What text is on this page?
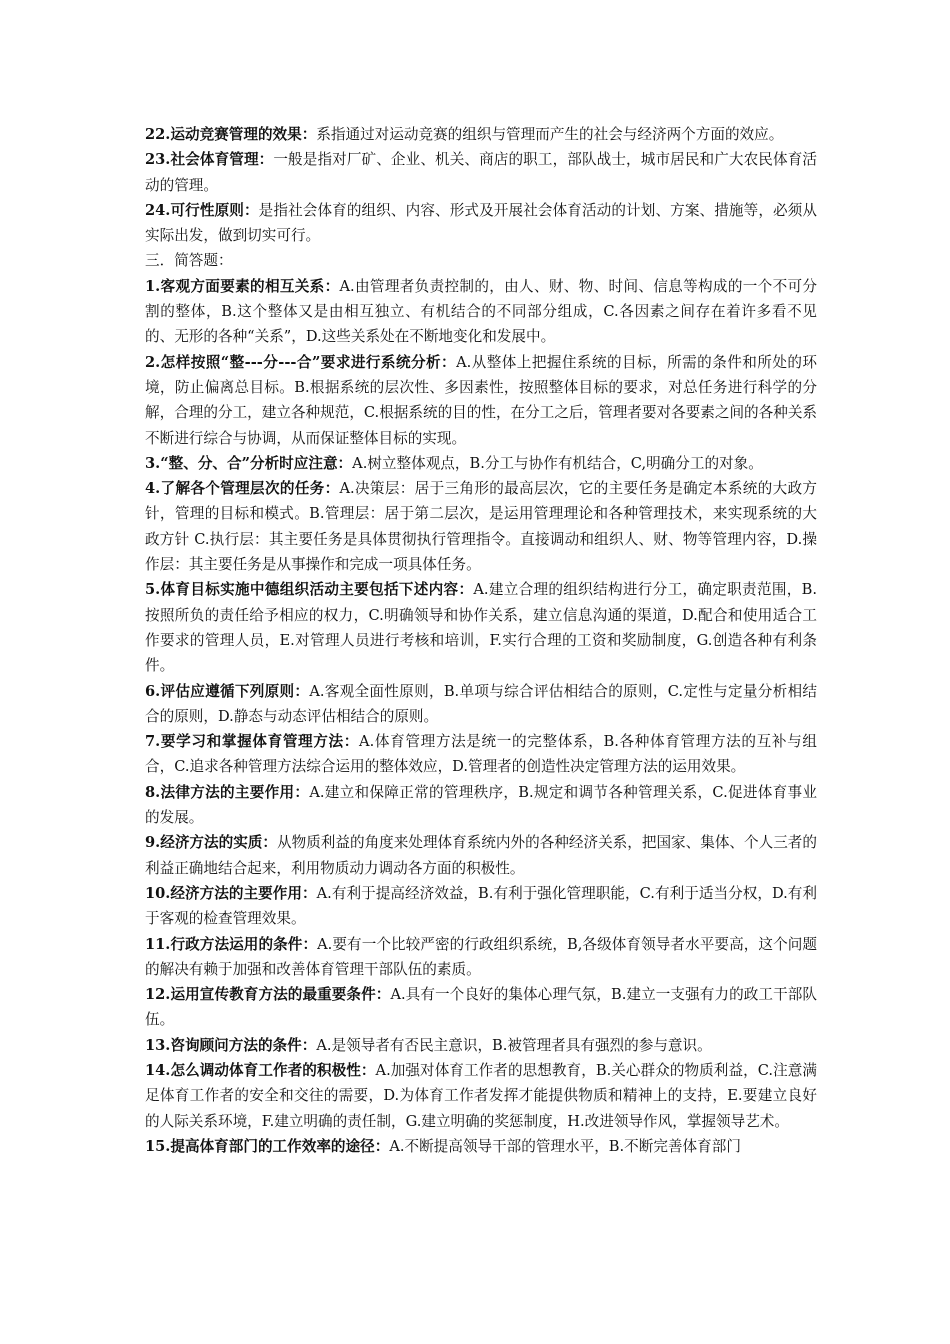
22.运动竞赛管理的效果：系指通过对运动竞赛的组织与管理而产生的社会与经济两个方面的效应。

23.社会体育管理：一般是指对厂矿、企业、机关、商店的职工，部队战士，城市居民和广大农民体育活动的管理。

24.可行性原则：是指社会体育的组织、内容、形式及开展社会体育活动的计划、方案、措施等，必须从实际出发，做到切实可行。

三．简答题：

1.客观方面要素的相互关系：A.由管理者负责控制的，由人、财、物、时间、信息等构成的一个不可分割的整体，B.这个整体又是由相互独立、有机结合的不同部分组成，C.各因素之间存在着许多看不见的、无形的各种“关系”，D.这些关系处在不断地变化和发展中。

2.怎样按照“整---分---合”要求进行系统分析：A.从整体上把握住系统的目标，所需的条件和所处的环境，防止偏离总目标。B.根据系统的层次性、多因素性，按照整体目标的要求，对总任务进行科学的分解，合理的分工，建立各种规范，C.根据系统的目的性，在分工之后，管理者要对各要素之间的各种关系不断进行综合与协调，从而保证整体目标的实现。

3.“整、分、合”分析时应注意：A.树立整体观点，B.分工与协作有机结合，C,明确分工的对象。

4.了解各个管理层次的任务：A.决策层：居于三角形的最高层次，它的主要任务是确定本系统的大政方针，管理的目标和模式。B.管理层：居于第二层次，是运用管理理论和各种管理技术，来实现系统的大政方针 C.执行层：其主要任务是具体贯彻执行管理指令。直接调动和组织人、财、物等管理内容，D.操作层：其主要任务是从事操作和完成一项具体任务。

5.体育目标实施中德组织活动主要包括下述内容：A.建立合理的组织结构进行分工，确定职责范围，B.按照所负的责任给予相应的权力，C.明确领导和协作关系，建立信息沟通的渠道，D.配合和使用适合工作要求的管理人员，E.对管理人员进行考核和培训，F.实行合理的工资和奖励制度，G.创造各种有利条件。

6.评估应遵循下列原则：A.客观全面性原则，B.单项与综合评估相结合的原则，C.定性与定量分析相结合的原则，D.静态与动态评估相结合的原则。

7.要学习和掌握体育管理方法：A.体育管理方法是统一的完整体系，B.各种体育管理方法的互补与组合，C.追求各种管理方法综合运用的整体效应，D.管理者的创造性决定管理方法的运用效果。

8.法律方法的主要作用：A.建立和保障正常的管理秩序，B.规定和调节各种管理关系，C.促进体育事业的发展。

9.经济方法的实质：从物质利益的角度来处理体育系统内外的各种经济关系，把国家、集体、个人三者的利益正确地结合起来，利用物质动力调动各方面的积极性。

10.经济方法的主要作用：A.有利于提高经济效益，B.有利于强化管理职能，C.有利于适当分权，D.有利于客观的检查管理效果。

11.行政方法运用的条件：A.要有一个比较严密的行政组织系统，B,各级体育领导者水平要高，这个问题的解决有赖于加强和改善体育管理干部队伍的素质。

12.运用宣传教育方法的最重要条件：A.具有一个良好的集体心理气氛，B.建立一支强有力的政工干部队伍。

13.咨询顾问方法的条件：A.是领导者有否民主意识，B.被管理者具有强烈的参与意识。

14.怎么调动体育工作者的积极性：A.加强对体育工作者的思想教育，B.关心群众的物质利益，C.注意满足体育工作者的安全和交往的需要，D.为体育工作者发挥才能提供物质和精神上的支持，E.要建立良好的人际关系环境，F.建立明确的责任制，G.建立明确的奖惩制度，H.改进领导作风，掌握领导艺术。

15.提高体育部门的工作效率的途径：A.不断提高领导干部的管理水平，B.不断完善体育部门
